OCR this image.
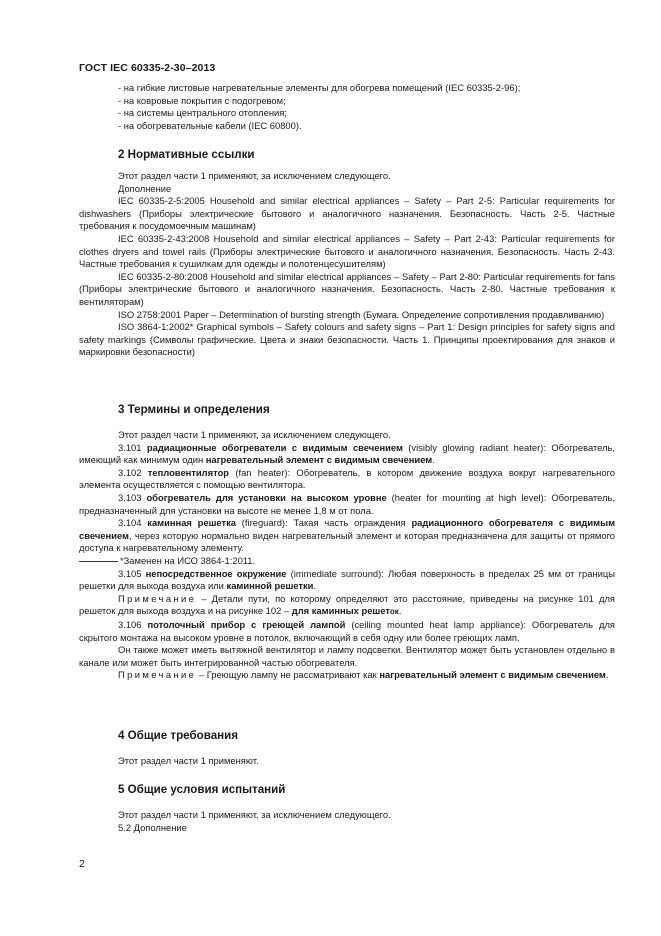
ГОСТ IEC 60335-2-30–2013

- на гибкие листовые нагревательные элементы для обогрева помещений (IEC 60335-2-96);

- на ковровые покрытия с подогревом;

- на системы центрального отопления;

- на обогревательные кабели (IEC 60800).

2 Нормативные ссылки

Этот раздел части 1 применяют, за исключением следующего.

Дополнение

IEC 60335-2-5:2005 Household and similar electrical appliances – Safety – Part 2-5: Particular requirements for dishwashers (Приборы электрические бытового и аналогичного назначения. Безопасность. Часть 2-5. Частные требования к посудомоечным машинам)

IEC 60335-2-43:2008 Household and similar electrical appliances – Safety – Part 2-43: Particular requirements for clothes dryers and towel rails (Приборы электрические бытового и аналогичного назначения. Безопасность. Часть 2-43. Частные требования к сушилкам для одежды и полотенцесушителям)

IEC 60335-2-80:2008 Household and similar electrical appliances – Safety – Part 2-80: Particular requirements for fans (Приборы электрические бытового и аналогичного назначения. Безопасность. Часть 2-80. Частные требования к вентиляторам)

ISO 2758:2001 Paper – Determination of bursting strength (Бумага. Определение сопротивления продавливанию)

ISO 3864-1:2002* Graphical symbols – Safety colours and safety signs – Part 1: Design principles for safety signs and safety markings (Символы графические. Цвета и знаки безопасности. Часть 1. Принципы проектирования для знаков и маркировки безопасности)

3 Термины и определения

Этот раздел части 1 применяют, за исключением следующего.

3.101 радиационные обогреватели с видимым свечением (visibly glowing radiant heater): Обогреватель, имеющий как минимум один нагревательный элемент с видимым свечением.

3.102 тепловентилятор (fan heater): Обогреватель, в котором движение воздуха вокруг нагревательного элемента осуществляется с помощью вентилятора.

3.103 обогреватель для установки на высоком уровне (heater for mounting at high level): Обогреватель, предназначенный для установки на высоте не менее 1,8 м от пола.

3.104 каминная решетка (fireguard): Такая часть ограждения радиационного обогревателя с видимым свечением, через которую нормально виден нагревательный элемент и которая предназначена для защиты от прямого доступа к нагревательному элементу.

*Заменен на ИСО 3864-1:2011.

3.105 непосредственное окружение (immediate surround): Любая поверхность в пределах 25 мм от границы решетки для выхода воздуха или каминной решетки.

Примечание – Детали пути, по которому определяют это расстояние, приведены на рисунке 101 для решеток для выхода воздуха и на рисунке 102 – для каминных решеток.

3.106 потолочный прибор с греющей лампой (ceiling mounted heat lamp appliance): Обогреватель для скрытого монтажа на высоком уровне в потолок, включающий в себя одну или более греющих ламп.

Он также может иметь вытяжной вентилятор и лампу подсветки. Вентилятор может быть установлен отдельно в канале или может быть интегрированной частью обогревателя.

Примечание – Греющую лампу не рассматривают как нагревательный элемент с видимым свечением.

4 Общие требования

Этот раздел части 1 применяют.

5 Общие условия испытаний

Этот раздел части 1 применяют, за исключением следующего.

5.2 Дополнение

2
